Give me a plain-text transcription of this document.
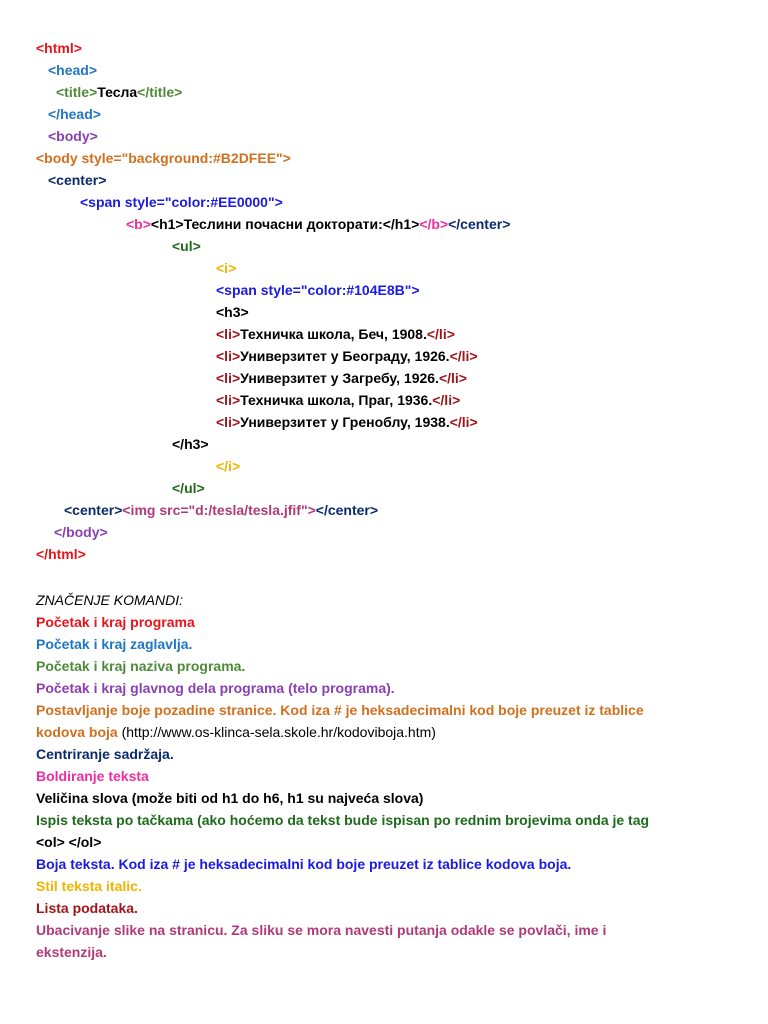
<html>
<head>
<title>Тесла</title>
</head>
<body>
<body style="background:#B2DFEE">
<center>
<span style="color:#EE0000">
<b><h1>Теслини почасни докторати:</h1></b></center>
<ul>
<i>
<span style="color:#104E8B">
<h3>
<li>Техничка школа, Беч, 1908.</li>
<li>Универзитет у Београду, 1926.</li>
<li>Универзитет у Загребу, 1926.</li>
<li>Техничка школа, Праг, 1936.</li>
<li>Универзитет у Греноблу, 1938.</li>
</h3>
</i>
</ul>
<center><img src="d:/tesla/tesla.jfif"></center>
</body>
</html>
ZNAČENJE KOMANDI:
Početak i kraj programa
Početak i kraj zaglavlja.
Početak i kraj naziva programa.
Početak i kraj glavnog dela programa (telo programa).
Postavljanje boje pozadine stranice. Kod iza # je heksadecimalni kod boje preuzet iz tablice
kodova boja (http://www.os-klinca-sela.skole.hr/kodoviboja.htm)
Centriranje sadržaja.
Boldiranje teksta
Veličina slova (može biti od h1 do h6, h1 su najveća slova)
Ispis teksta po tačkama (ako hoćemo da tekst bude ispisan po rednim brojevima onda je tag
<ol> </ol>
Boja teksta. Kod iza # je heksadecimalni kod boje preuzet iz tablice kodova boja.
Stil teksta italic.
Lista podataka.
Ubacivanje slike na stranicu. Za sliku se mora navesti putanja odakle se povlači, ime i
ekstenzija.
